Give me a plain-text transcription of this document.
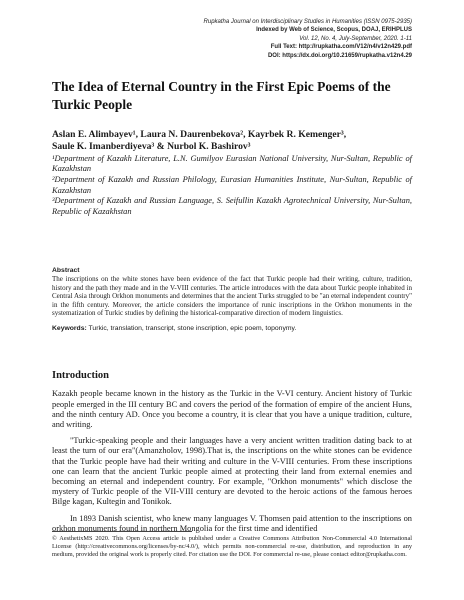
Rupkatha Journal on Interdisciplinary Studies in Humanities (ISSN 0975-2935)
Indexed by Web of Science, Scopus, DOAJ, ERIHPLUS
Vol. 12, No. 4, July-September, 2020. 1-11
Full Text: http://rupkatha.com/V12/n4/v12n429.pdf
DOI: https://dx.doi.org/10.21659/rupkatha.v12n4.29
The Idea of Eternal Country in the First Epic Poems of the Turkic People
Aslan E. Alimbayev¹, Laura N. Daurenbekova², Kayrbek R. Kemenger³,
Saule K. Imanberdiyeva³ & Nurbol K. Bashirov³
¹Department of Kazakh Literature, L.N. Gumilyov Eurasian National University, Nur-Sultan, Republic of Kazakhstan
²Department of Kazakh and Russian Philology, Eurasian Humanities Institute, Nur-Sultan, Republic of Kazakhstan
³Department of Kazakh and Russian Language, S. Seifullin Kazakh Agrotechnical University, Nur-Sultan, Republic of Kazakhstan
Abstract
The inscriptions on the white stones have been evidence of the fact that Turkic people had their writing, culture, tradition, history and the path they made and in the V-VIII centuries. The article introduces with the data about Turkic people inhabited in Central Asia through Orkhon monuments and determines that the ancient Turks struggled to be "an eternal independent country" in the fifth century. Moreover, the article considers the importance of runic inscriptions in the Orkhon monuments in the systematization of Turkic studies by defining the historical-comparative direction of modern linguistics.
Keywords: Turkic, translation, transcript, stone inscription, epic poem, toponymy.
Introduction

Kazakh people became known in the history as the Turkic in the V-VI century. Ancient history of Turkic people emerged in the III century BC and covers the period of the formation of empire of the ancient Huns, and the ninth century AD. Once you become a country, it is clear that you have a unique tradition, culture, and writing.

"Turkic-speaking people and their languages have a very ancient written tradition dating back to at least the turn of our era"(Amanzholov, 1998).That is, the inscriptions on the white stones can be evidence that the Turkic people have had their writing and culture in the V-VIII centuries. From these inscriptions one can learn that the ancient Turkic people aimed at protecting their land from external enemies and becoming an eternal and independent country. For example, "Orkhon monuments" which disclose the mystery of Turkic people of the VII-VIII century are devoted to the heroic actions of the famous heroes Bilge kagan, Kultegin and Tonikok.

In 1893 Danish scientist, who knew many languages V. Thomsen paid attention to the inscriptions on orkhon monuments found in northern Mongolia for the first time and identified

© AesthetixMS 2020. This Open Access article is published under a Creative Commons Attribution Non-Commercial 4.0 International License (http://creativecommons.org/licenses/by-nc/4.0/), which permits non-commercial re-use, distribution, and reproduction in any medium, provided the original work is properly cited. For citation use the DOI. For commercial re-use, please contact editor@rupkatha.com.
